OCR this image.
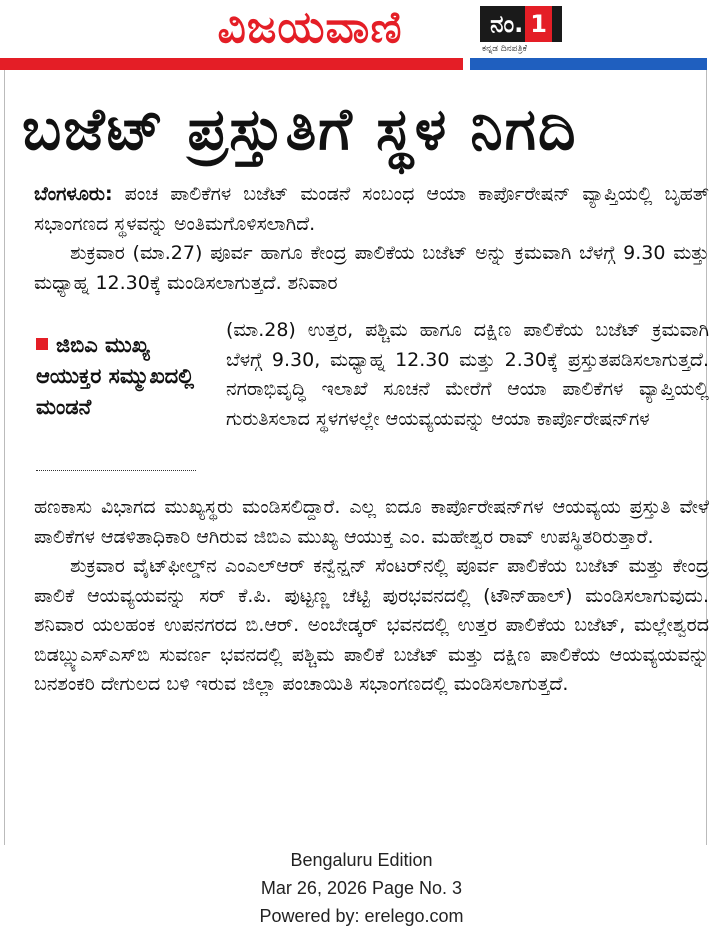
ವಿಜಯವಾಣಿ	ನಂ. 1
ಕನ್ನಡ ದಿನಪತ್ರಿಕೆ
ಬಜೆಟ್ ಪ್ರಸ್ತುತಿಗೆ ಸ್ಥಳ ನಿಗದಿ
ಬೆಂಗಳೂರು: ಪಂಚ ಪಾಲಿಕೆಗಳ ಬಜೆಟ್ ಮಂಡನೆ ಸಂಬಂಧ ಆಯಾ ಕಾರ್ಪೊರೇಷನ್ ವ್ಯಾಪ್ತಿಯಲ್ಲಿ ಬೃಹತ್ ಸಭಾಂಗಣದ ಸ್ಥಳವನ್ನು ಅಂತಿಮಗೊಳಿಸಲಾಗಿದೆ.
ಶುಕ್ರವಾರ (ಮಾ.27) ಪೂರ್ವ ಹಾಗೂ ಕೇಂದ್ರ ಪಾಲಿಕೆಯ ಬಜೆಟ್ ಅನ್ನು ಕ್ರಮವಾಗಿ ಬೆಳಗ್ಗೆ 9.30 ಮತ್ತು ಮಧ್ಯಾಹ್ನ 12.30ಕ್ಕೆ ಮಂಡಿಸಲಾಗುತ್ತದೆ. ಶನಿವಾರ
ಜಿಬಿಎ ಮುಖ್ಯ ಆಯುಕ್ತರ ಸಮ್ಮುಖದಲ್ಲಿ ಮಂಡನೆ
(ಮಾ.28) ಉತ್ತರ, ಪಶ್ಚಿಮ ಹಾಗೂ ದಕ್ಷಿಣ ಪಾಲಿಕೆಯ ಬಜೆಟ್ ಕ್ರಮವಾಗಿ ಬೆಳಗ್ಗೆ 9.30, ಮಧ್ಯಾಹ್ನ 12.30 ಮತ್ತು 2.30ಕ್ಕೆ ಪ್ರಸ್ತುತಪಡಿಸಲಾಗುತ್ತದೆ. ನಗರಾಭಿವೃದ್ಧಿ ಇಲಾಖೆ ಸೂಚನೆ ಮೇರೆಗೆ ಆಯಾ ಪಾಲಿಕೆಗಳ ವ್ಯಾಪ್ತಿಯಲ್ಲಿ ಗುರುತಿಸಲಾದ ಸ್ಥಳಗಳಲ್ಲೇ ಆಯವ್ಯಯವನ್ನು ಆಯಾ ಕಾರ್ಪೊರೇಷನ್‌ಗಳ
ಹಣಕಾಸು ವಿಭಾಗದ ಮುಖ್ಯಸ್ಥರು ಮಂಡಿಸಲಿದ್ದಾರೆ. ಎಲ್ಲ ಐದೂ ಕಾರ್ಪೊರೇಷನ್‌ಗಳ ಆಯವ್ಯಯ ಪ್ರಸ್ತುತಿ ವೇಳೆ ಪಾಲಿಕೆಗಳ ಆಡಳಿತಾಧಿಕಾರಿ ಆಗಿರುವ ಜಿಬಿಎ ಮುಖ್ಯ ಆಯುಕ್ತ ಎಂ. ಮಹೇಶ್ವರ ರಾವ್ ಉಪಸ್ಥಿತರಿರುತ್ತಾರೆ.
ಶುಕ್ರವಾರ ವೈಟ್‌ಫೀಲ್ಡ್‌ನ ಎಂಎಲ್‌ಆರ್ ಕನ್ವೆನ್ಷನ್ ಸೆಂಟರ್‌ನಲ್ಲಿ ಪೂರ್ವ ಪಾಲಿಕೆಯ ಬಜೆಟ್ ಮತ್ತು ಕೇಂದ್ರ ಪಾಲಿಕೆ ಆಯವ್ಯಯವನ್ನು ಸರ್ ಕೆ.ಪಿ. ಪುಟ್ಟಣ್ಣ ಚೆಟ್ಟಿ ಪುರಭವನದಲ್ಲಿ (ಟೌನ್‌ಹಾಲ್) ಮಂಡಿಸಲಾಗುವುದು. ಶನಿವಾರ ಯಲಹಂಕ ಉಪನಗರದ ಬಿ.ಆರ್. ಅಂಬೇಡ್ಕರ್ ಭವನದಲ್ಲಿ ಉತ್ತರ ಪಾಲಿಕೆಯ ಬಜೆಟ್, ಮಲ್ಲೇಶ್ವರದ ಬಿಡಬ್ಲ್ಯುಎಸ್‌ಎಸ್‌ಬಿ ಸುವರ್ಣ ಭವನದಲ್ಲಿ ಪಶ್ಚಿಮ ಪಾಲಿಕೆ ಬಜೆಟ್ ಮತ್ತು ದಕ್ಷಿಣ ಪಾಲಿಕೆಯ ಆಯವ್ಯಯವನ್ನು ಬನಶಂಕರಿ ದೇಗುಲದ ಬಳಿ ಇರುವ ಜಿಲ್ಲಾ ಪಂಚಾಯಿತಿ ಸಭಾಂಗಣದಲ್ಲಿ ಮಂಡಿಸಲಾಗುತ್ತದೆ.
Bengaluru Edition
Mar 26, 2026 Page No. 3
Powered by: erelego.com
